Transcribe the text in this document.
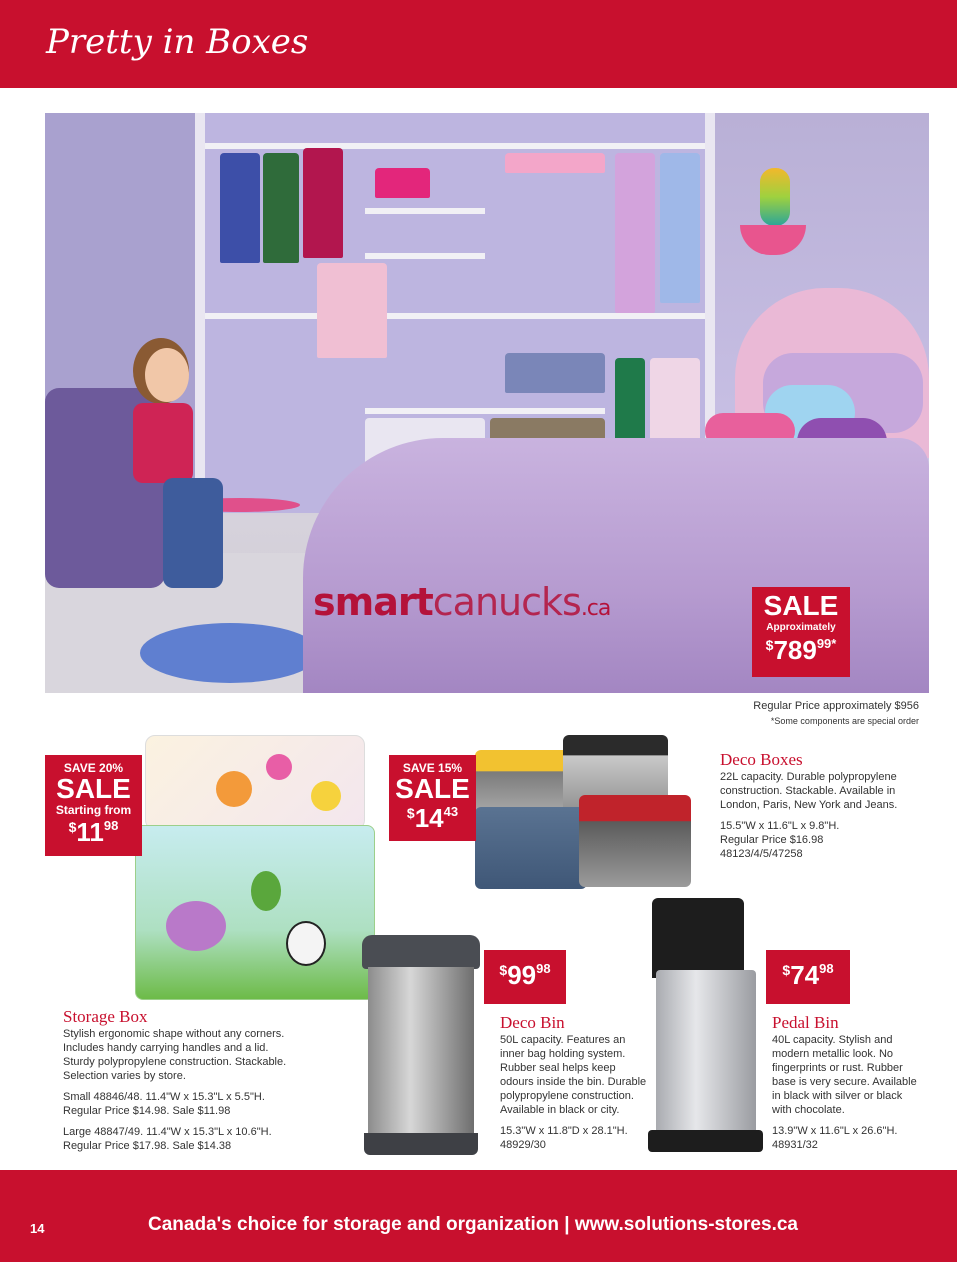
Pretty in Boxes
smartcanucks.ca	SALE
Approximately
$\$789^{99*}$
Regular Price approximately $956
*Some components are special order
SAVE 20%
SALE
Starting from
$\$11^{98}$
SAVE 15%
SALE
$\$14^{43}$
$\$99^{98}$	$\$74^{98}$
Storage Box
Stylish ergonomic shape without any corners.
Includes handy carrying handles and a lid.
Sturdy polypropylene construction. Stackable.
Selection varies by store.
Small 48846/48. 11.4"W x 15.3"L x 5.5"H.
Regular Price $14.98. Sale $11.98
Large 48847/49. 11.4"W x 15.3"L x 10.6"H.
Regular Price $17.98. Sale $14.38
Deco Boxes
22L capacity. Durable polypropylene
construction. Stackable. Available in
London, Paris, New York and Jeans.
15.5"W x 11.6"L x 9.8"H.
Regular Price $16.98
48123/4/5/47258
Deco Bin
50L capacity. Features an
inner bag holding system.
Rubber seal helps keep
odours inside the bin. Durable
polypropylene construction.
Available in black or city.
15.3"W x 11.8"D x 28.1"H.
48929/30
Pedal Bin
40L capacity. Stylish and
modern metallic look. No
fingerprints or rust. Rubber
base is very secure. Available
in black with silver or black
with chocolate.
13.9"W x 11.6"L x 26.6"H.
48931/32
14	Canada's choice for storage and organization | www.solutions-stores.ca
